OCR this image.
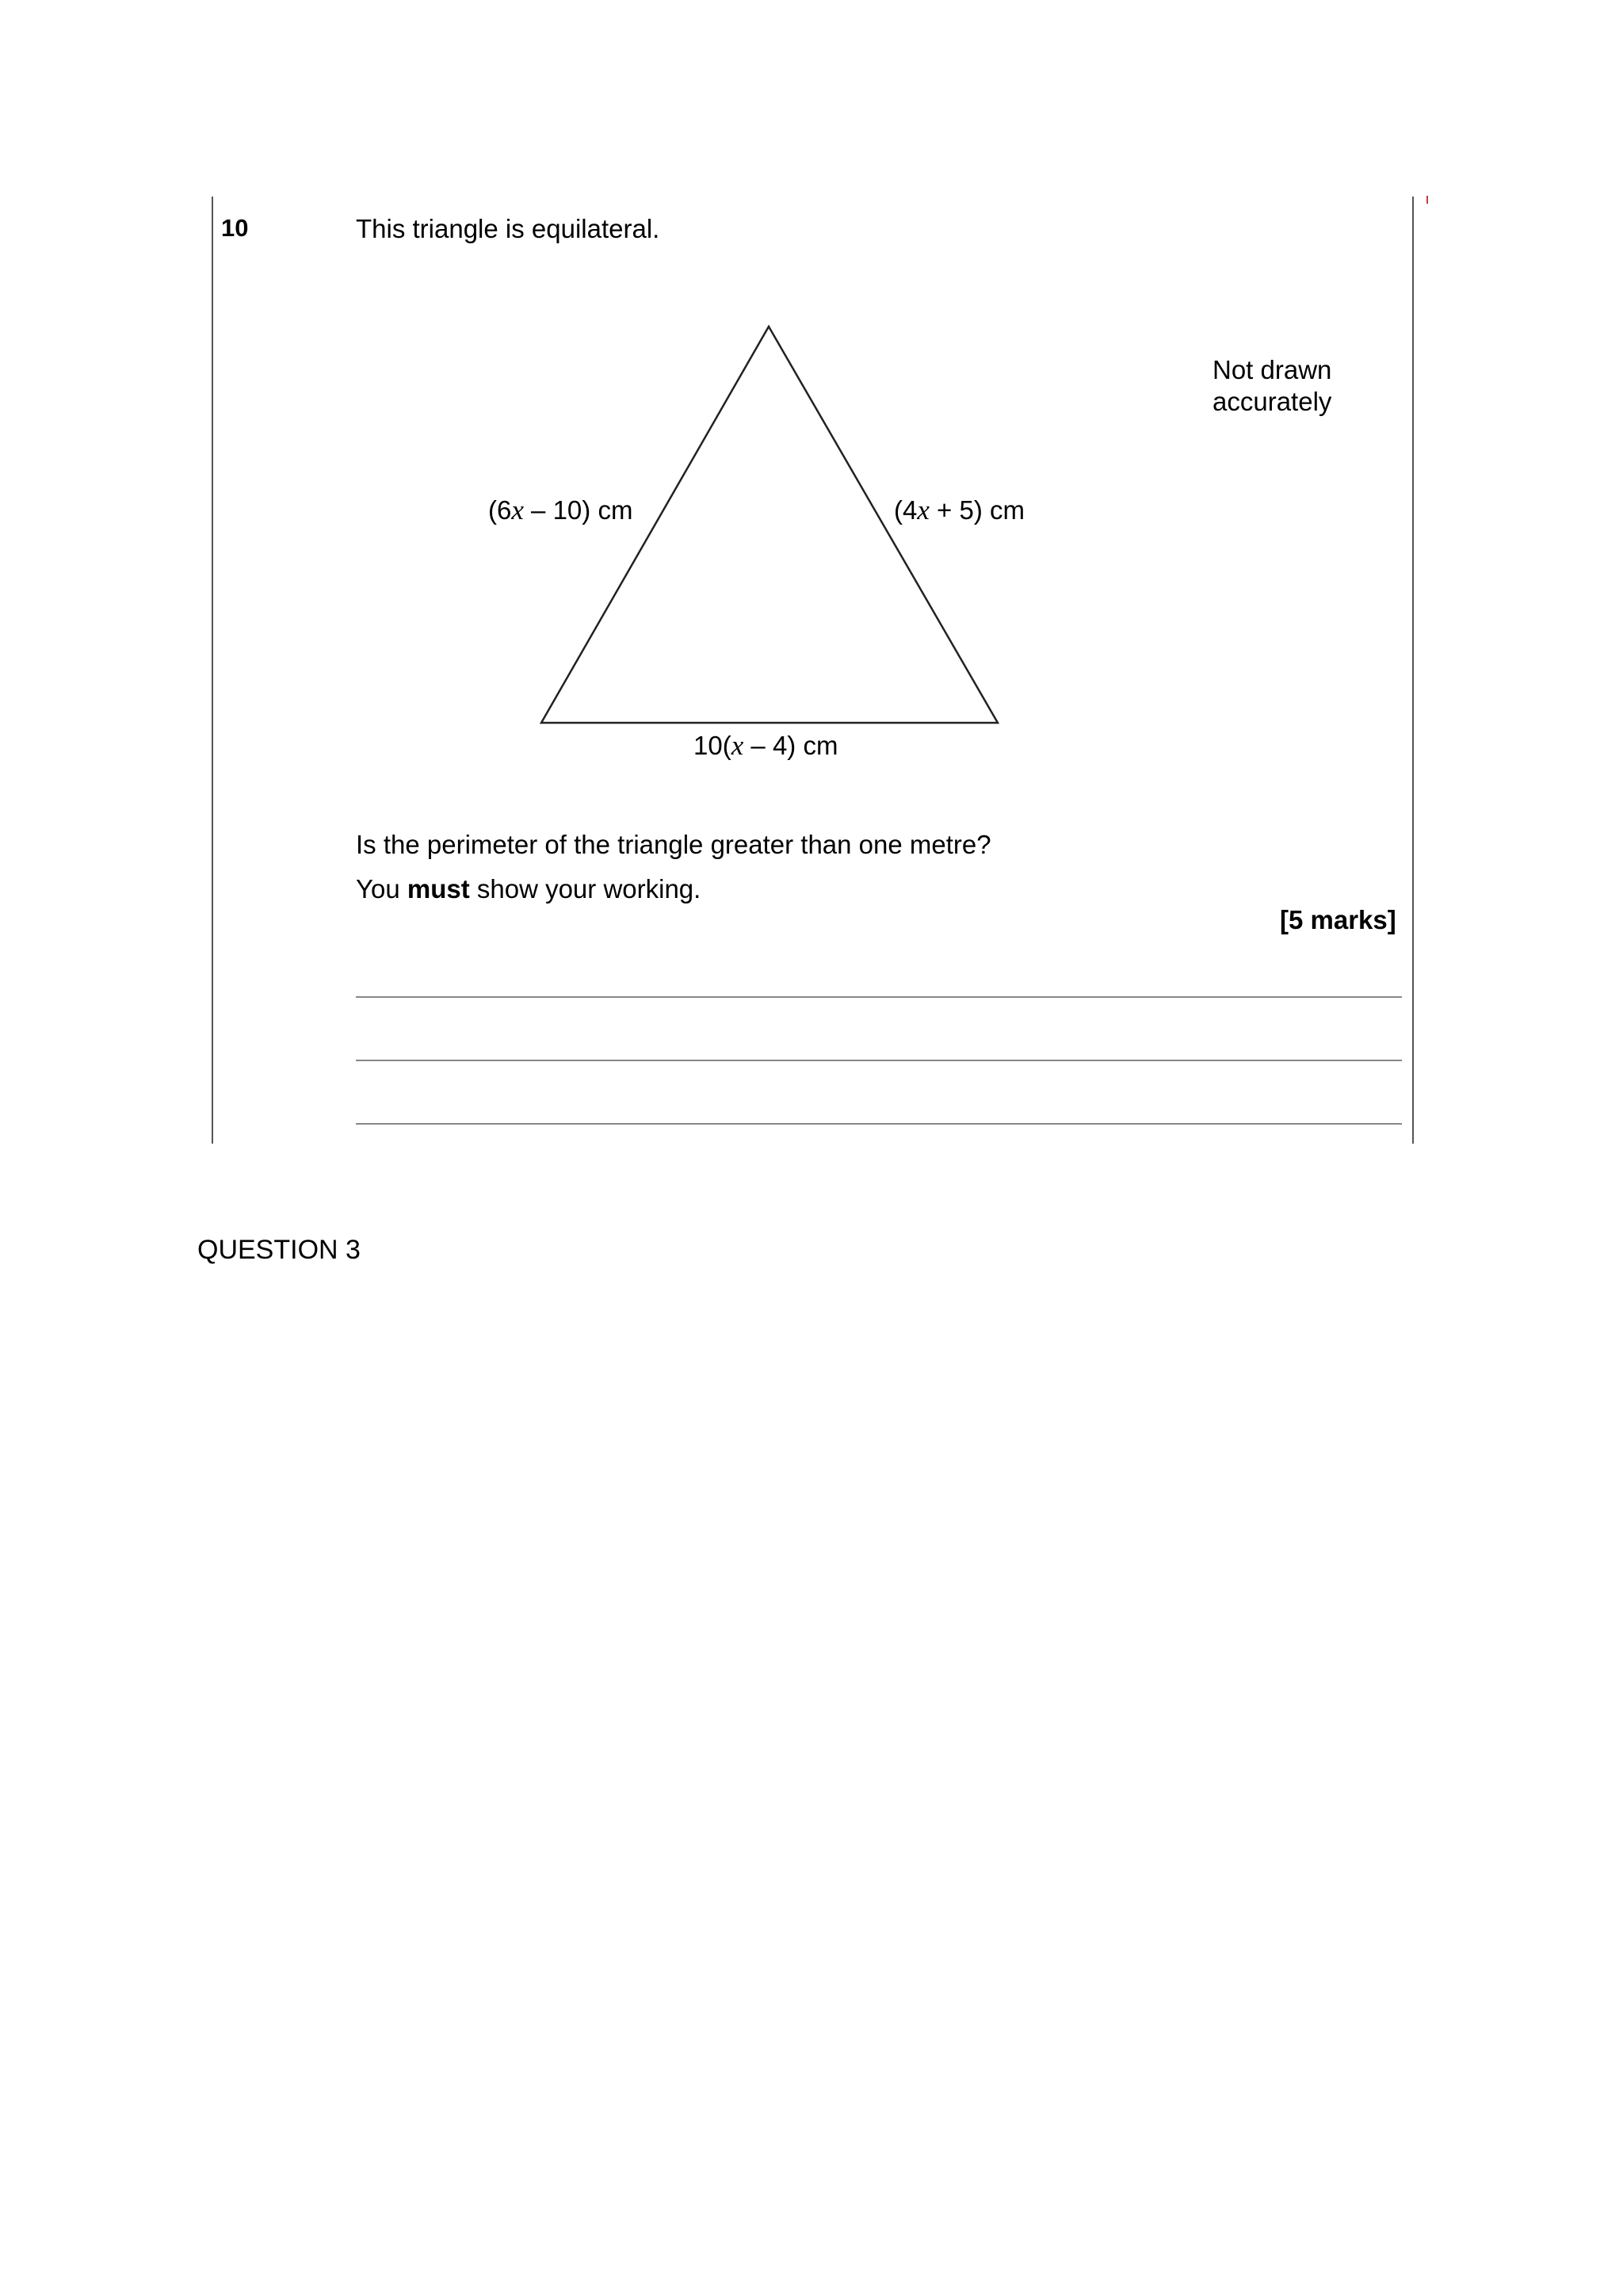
10	This triangle is equilateral.
Not drawn
accurately
(6x – 10) cm	(4x + 5) cm
10(x – 4) cm
Is the perimeter of the triangle greater than one metre?
You must show your working.
[5 marks]
QUESTION 3
